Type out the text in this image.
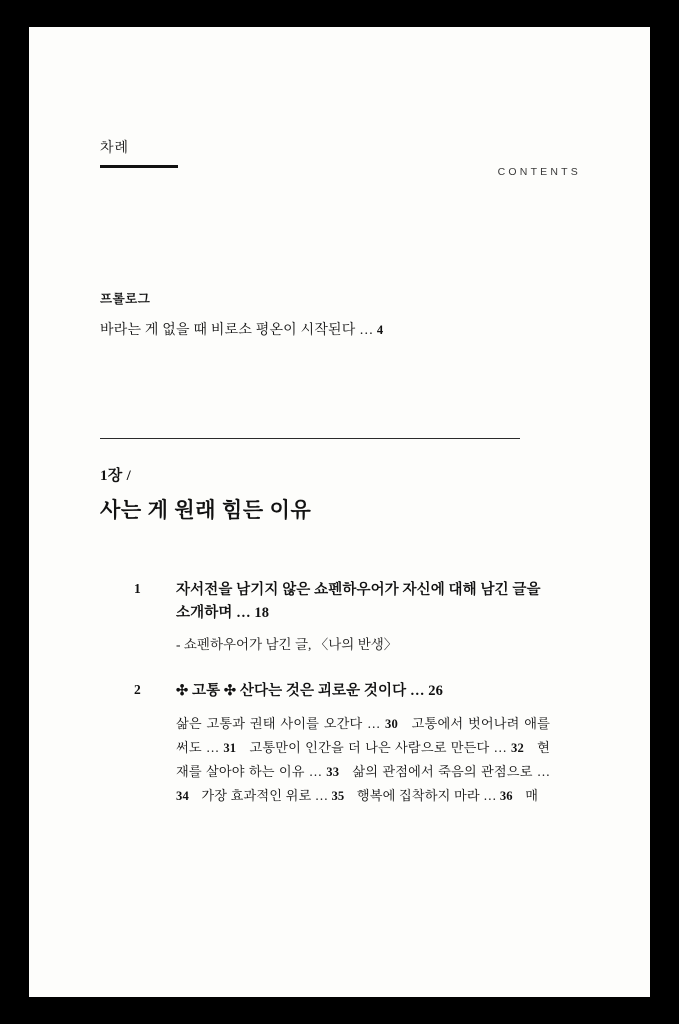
차례
CONTENTS
프롤로그
바라는 게 없을 때 비로소 평온이 시작된다 … 4
1장 /
사는 게 원래 힘든 이유
1 자서전을 남기지 않은 쇼펜하우어가 자신에 대해 남긴 글을 소개하며 … 18
- 쇼펜하우어가 남긴 글, 〈나의 반생〉
2 ✣ 고통 ✣ 산다는 것은 괴로운 것이다 … 26
삶은 고통과 권태 사이를 오간다 … 30 고통에서 벗어나려 애를 써도 … 31 고통만이 인간을 더 나은 사람으로 만든다 … 32 현재를 살아야 하는 이유 … 33 삶의 관점에서 죽음의 관점으로 … 34 가장 효과적인 위로 … 35 행복에 집착하지 마라 … 36 매
